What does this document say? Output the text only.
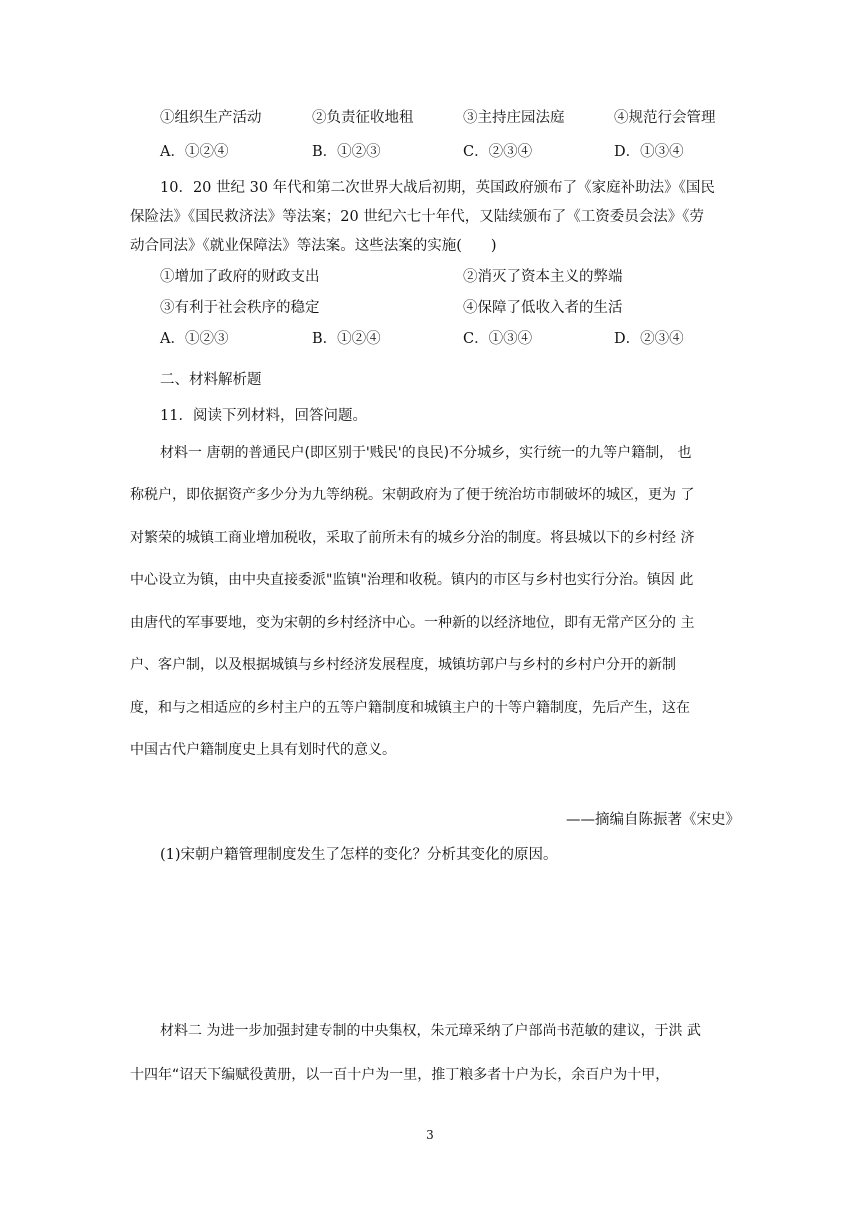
①组织生产活动	②负责征收地租	③主持庄园法庭	④规范行会管理
A．①②④	B．①②③	C．②③④	D．①③④
10．20 世纪 30 年代和第二次世界大战后初期，英国政府颁布了《家庭补助法》《国民
保险法》《国民救济法》等法案；20 世纪六七十年代，又陆续颁布了《工资委员会法》《劳
动合同法》《就业保障法》等法案。这些法案的实施(　　)
①增加了政府的财政支出	②消灭了资本主义的弊端
③有利于社会秩序的稳定	④保障了低收入者的生活
A．①②③	B．①②④	C．①③④	D．②③④
二、材料解析题
11．阅读下列材料，回答问题。
材料一 唐朝的普通民户(即区别于'贱民'的良民)不分城乡，实行统一的九等户籍制， 也
称税户，即依据资产多少分为九等纳税。宋朝政府为了便于统治坊市制破坏的城区，更为 了
对繁荣的城镇工商业增加税收，采取了前所未有的城乡分治的制度。将县城以下的乡村经 济
中心设立为镇，由中央直接委派"监镇"治理和收税。镇内的市区与乡村也实行分治。镇因 此
由唐代的军事要地，变为宋朝的乡村经济中心。一种新的以经济地位，即有无常产区分的 主
户、客户制，以及根据城镇与乡村经济发展程度，城镇坊郭户与乡村的乡村户分开的新制
度，和与之相适应的乡村主户的五等户籍制度和城镇主户的十等户籍制度，先后产生，这在
中国古代户籍制度史上具有划时代的意义。
——摘编自陈振著《宋史》
(1)宋朝户籍管理制度发生了怎样的变化？分析其变化的原因。
材料二 为进一步加强封建专制的中央集权，朱元璋采纳了户部尚书范敏的建议，于洪 武
十四年“诏天下编赋役黄册，以一百十户为一里，推丁粮多者十户为长，余百户为十甲，
3
